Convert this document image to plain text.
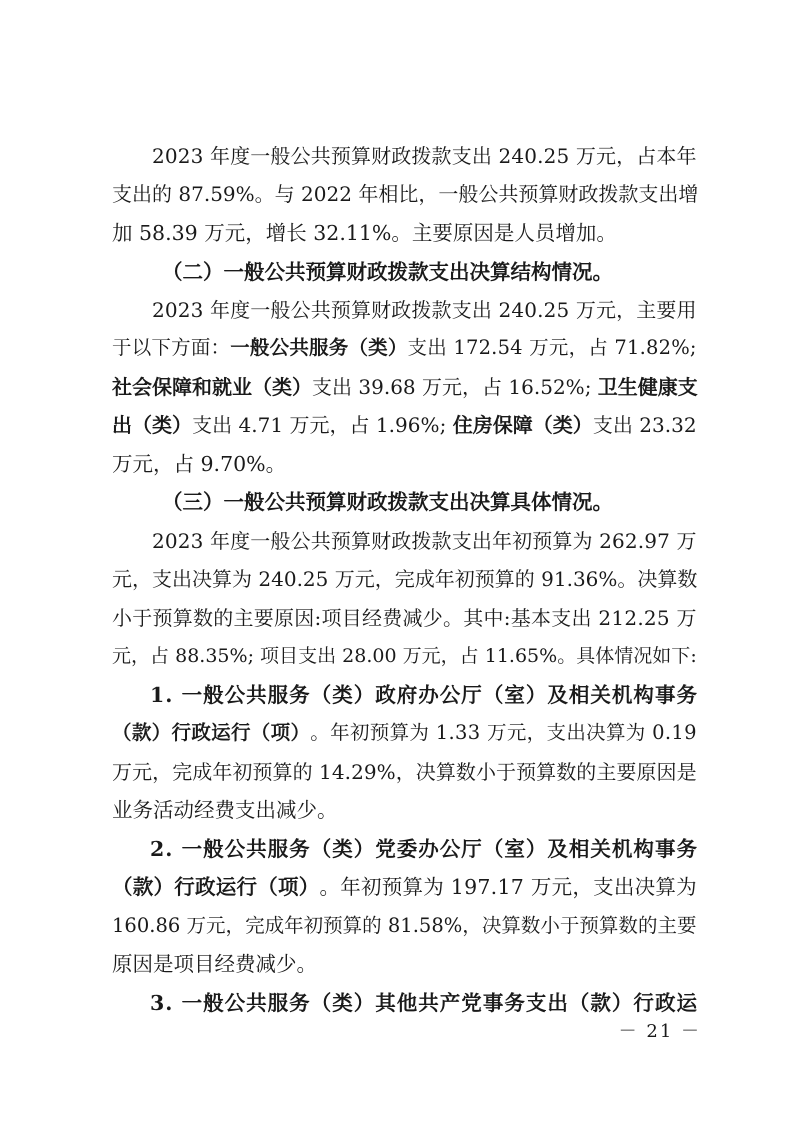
2 0 2 3
年 度 一 般 公 共 预 算 财 政 拨 款 支 出
2 4 0 . 2 5
万 元 ， 占 本 年
支 出 的
8 7 . 5 9 % 。 与
2 0 2 2
年 相 比 ， 一 般 公 共 预 算 财 政 拨 款 支 出 增
加 58.39 万元，增长 32.11%。主要原因是人员增加。
（二）一般公共预算财政拨款支出决算结构情况。
2 0 2 3
年 度 一 般 公 共 预 算 财 政 拨 款 支 出
2 4 0 . 2 5
万 元 ， 主 要 用
于 以 下 方 面 ： 一 般 公 共 服 务 （ 类 ） 支 出
1 7 2 . 5 4
万 元 ， 占
7 1 . 8 2 % ;
社 会 保 障 和 就 业 （ 类 ） 支 出
3 9 . 6 8
万 元 ， 占
1 6 . 5 2 % ;
卫 生 健 康 支
出 （ 类 ） 支 出
4 . 7 1
万 元 ， 占
1 . 9 6 % ;
住 房 保 障 （ 类 ） 支 出
2 3 . 3 2
万元，占 9.70%。
（三）一般公共预算财政拨款支出决算具体情况。
2 0 2 3
年 度 一 般 公 共 预 算 财 政 拨 款 支 出 年 初 预 算 为
2 6 2 . 9 7
万
元 ， 支 出 决 算 为
2 4 0 . 2 5
万 元 ， 完 成 年 初 预 算 的
9 1 . 3 6 % 。 决 算 数
小 于 预 算 数 的 主 要 原 因 : 项 目 经 费 减 少 。 其 中 : 基 本 支 出
2 1 2 . 2 5
万
元 ， 占
8 8 . 3 5 % ;
项 目 支 出
2 8 . 0 0
万 元 ， 占
1 1 . 6 5 % 。 具 体 情 况 如 下 :
1 .
一 般 公 共 服 务 （ 类 ） 政 府 办 公 厅 （ 室 ） 及 相 关 机 构 事 务
（ 款 ） 行 政 运 行 （ 项 ） 。 年 初 预 算 为
1 . 3 3
万 元 ， 支 出 决 算 为
0 . 1 9
万 元 ， 完 成 年 初 预 算 的
1 4 . 2 9 % ， 决 算 数 小 于 预 算 数 的 主 要 原 因 是
业务活动经费支出减少。
2 .
一 般 公 共 服 务 （ 类 ） 党 委 办 公 厅 （ 室 ） 及 相 关 机 构 事 务
（ 款 ） 行 政 运 行 （ 项 ） 。 年 初 预 算 为
1 9 7 . 1 7
万 元 ， 支 出 决 算 为
1 6 0 . 8 6
万 元 ， 完 成 年 初 预 算 的
8 1 . 5 8 % ， 决 算 数 小 于 预 算 数 的 主 要
原因是项目经费减少。
3 .
一 般 公 共 服 务 （ 类 ） 其 他 共 产 党 事 务 支 出 （ 款 ） 行 政 运
－ 21 －
